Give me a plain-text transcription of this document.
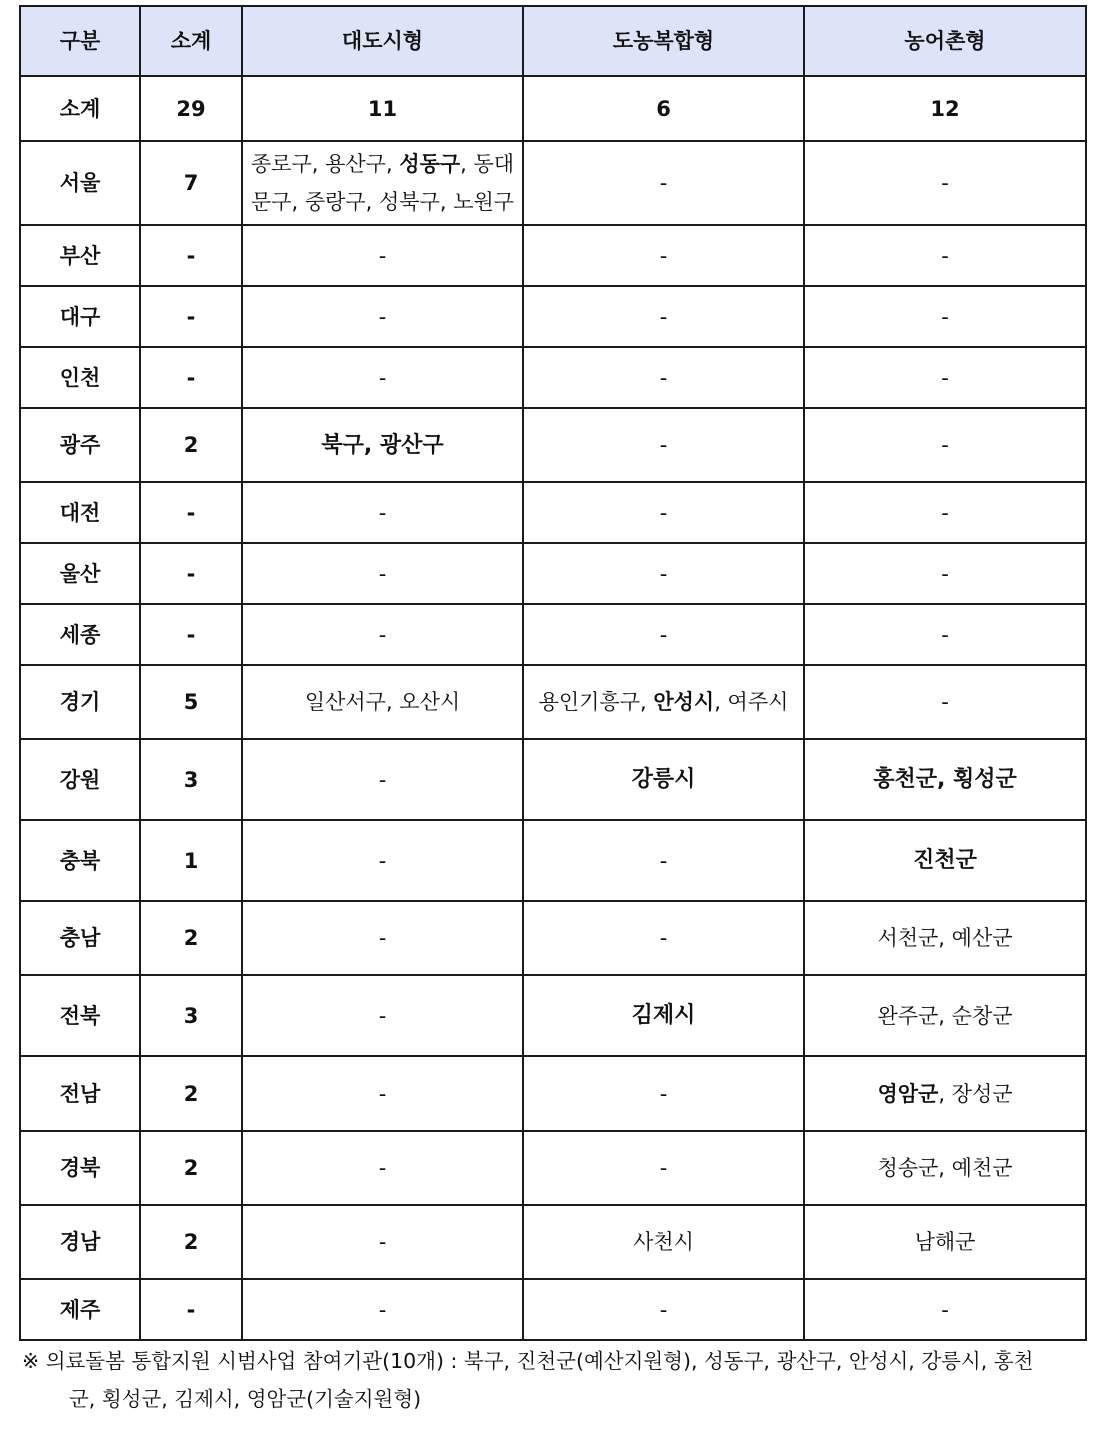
구분	소계	대도시형	도농복합형	농어촌형
소계	29	11	6	12
서울	7	종로구, 용산구, 성동구, 동대문구, 중랑구, 성북구, 노원구	-	-
부산	-	-	-	-
대구	-	-	-	-
인천	-	-	-	-
광주	2	북구, 광산구	-	-
대전	-	-	-	-
울산	-	-	-	-
세종	-	-	-	-
경기	5	일산서구, 오산시	용인기흥구, 안성시, 여주시	-
강원	3	-	강릉시	홍천군, 횡성군
충북	1	-	-	진천군
충남	2	-	-	서천군, 예산군
전북	3	-	김제시	완주군, 순창군
전남	2	-	-	영암군, 장성군
경북	2	-	-	청송군, 예천군
경남	2	-	사천시	남해군
제주	-	-	-	-
※ 의료돌봄 통합지원 시범사업 참여기관(10개) : 북구, 진천군(예산지원형), 성동구, 광산구, 안성시, 강릉시, 홍천
군, 횡성군, 김제시, 영암군(기술지원형)
